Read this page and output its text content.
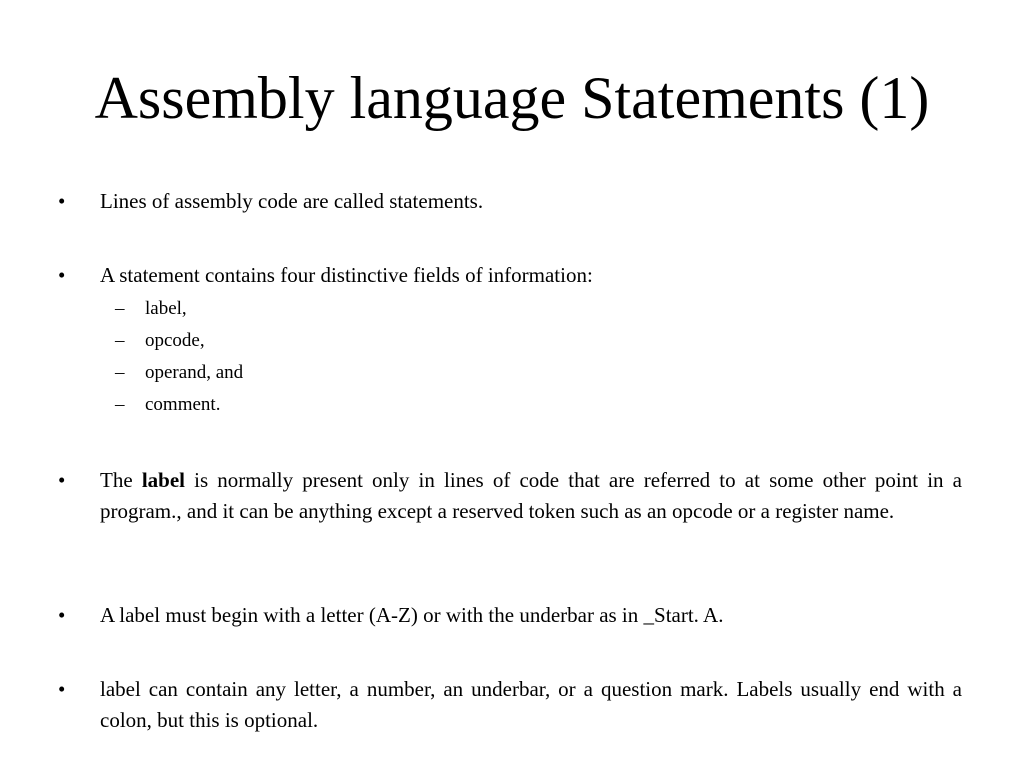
Assembly language Statements (1)
• Lines of assembly code are called statements.
• A statement contains four distinctive fields of information:
– label,
– opcode,
– operand, and
– comment.
• The label is normally present only in lines of code that are referred to at some other point in a program., and it can be anything except a reserved token such as an opcode or a register name.
• A label must begin with a letter (A-Z) or with the underbar as in _Start. A.
• label can contain any letter, a number, an underbar, or a question mark. Labels usually end with a colon, but this is optional.
